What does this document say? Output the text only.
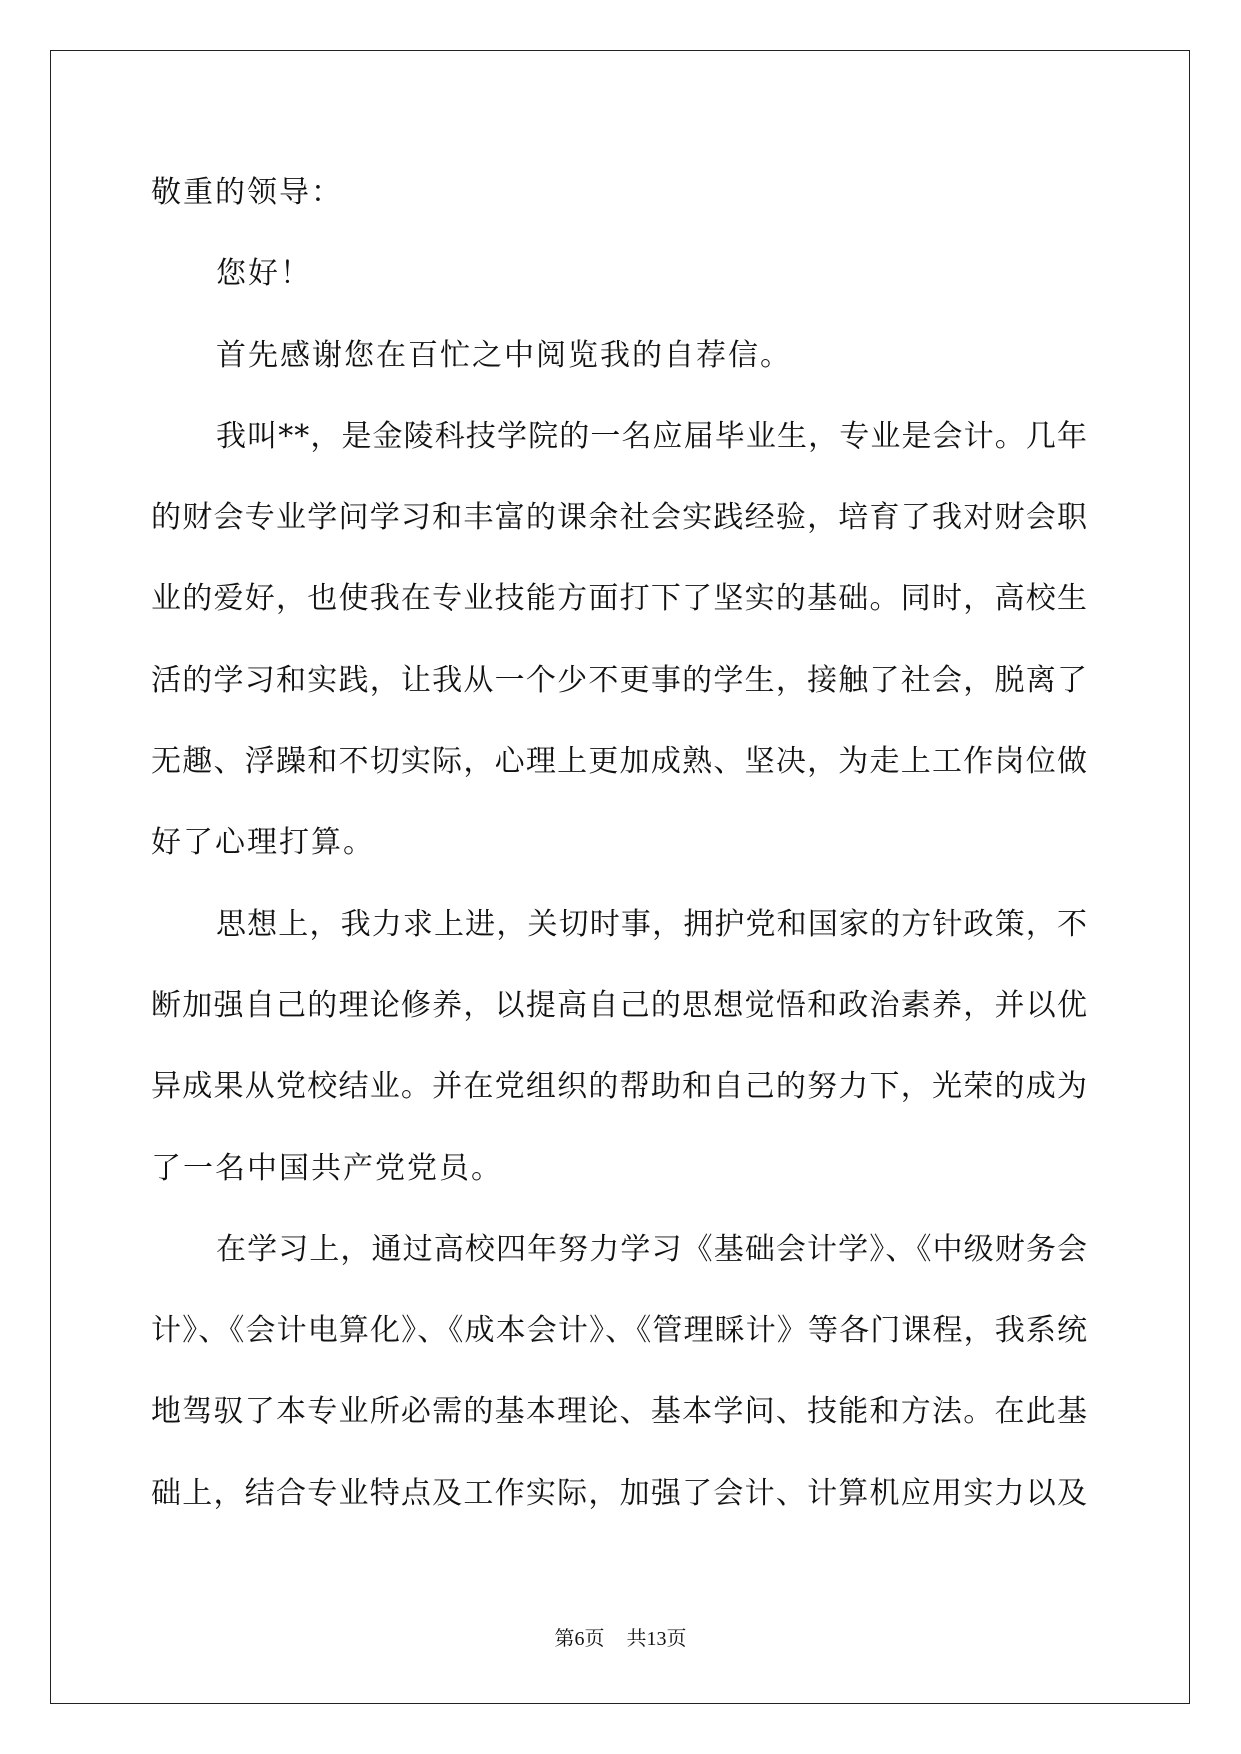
敬重的领导：
您好！
首先感谢您在百忙之中阅览我的自荐信。
我叫**，是金陵科技学院的一名应届毕业生，专业是会计。几年
的财会专业学问学习和丰富的课余社会实践经验，培育了我对财会职
业的爱好，也使我在专业技能方面打下了坚实的基础。同时，高校生
活的学习和实践，让我从一个少不更事的学生，接触了社会，脱离了
无趣、浮躁和不切实际，心理上更加成熟、坚决，为走上工作岗位做
好了心理打算。
思想上，我力求上进，关切时事，拥护党和国家的方针政策，不
断加强自己的理论修养，以提高自己的思想觉悟和政治素养，并以优
异成果从党校结业。并在党组织的帮助和自己的努力下，光荣的成为
了一名中国共产党党员。
在学习上，通过高校四年努力学习《基础会计学》、《中级财务会
计》、《会计电算化》、《成本会计》、《管理睬计》等各门课程，我系统
地驾驭了本专业所必需的基本理论、基本学问、技能和方法。在此基
础上，结合专业特点及工作实际，加强了会计、计算机应用实力以及
第6页 共13页
